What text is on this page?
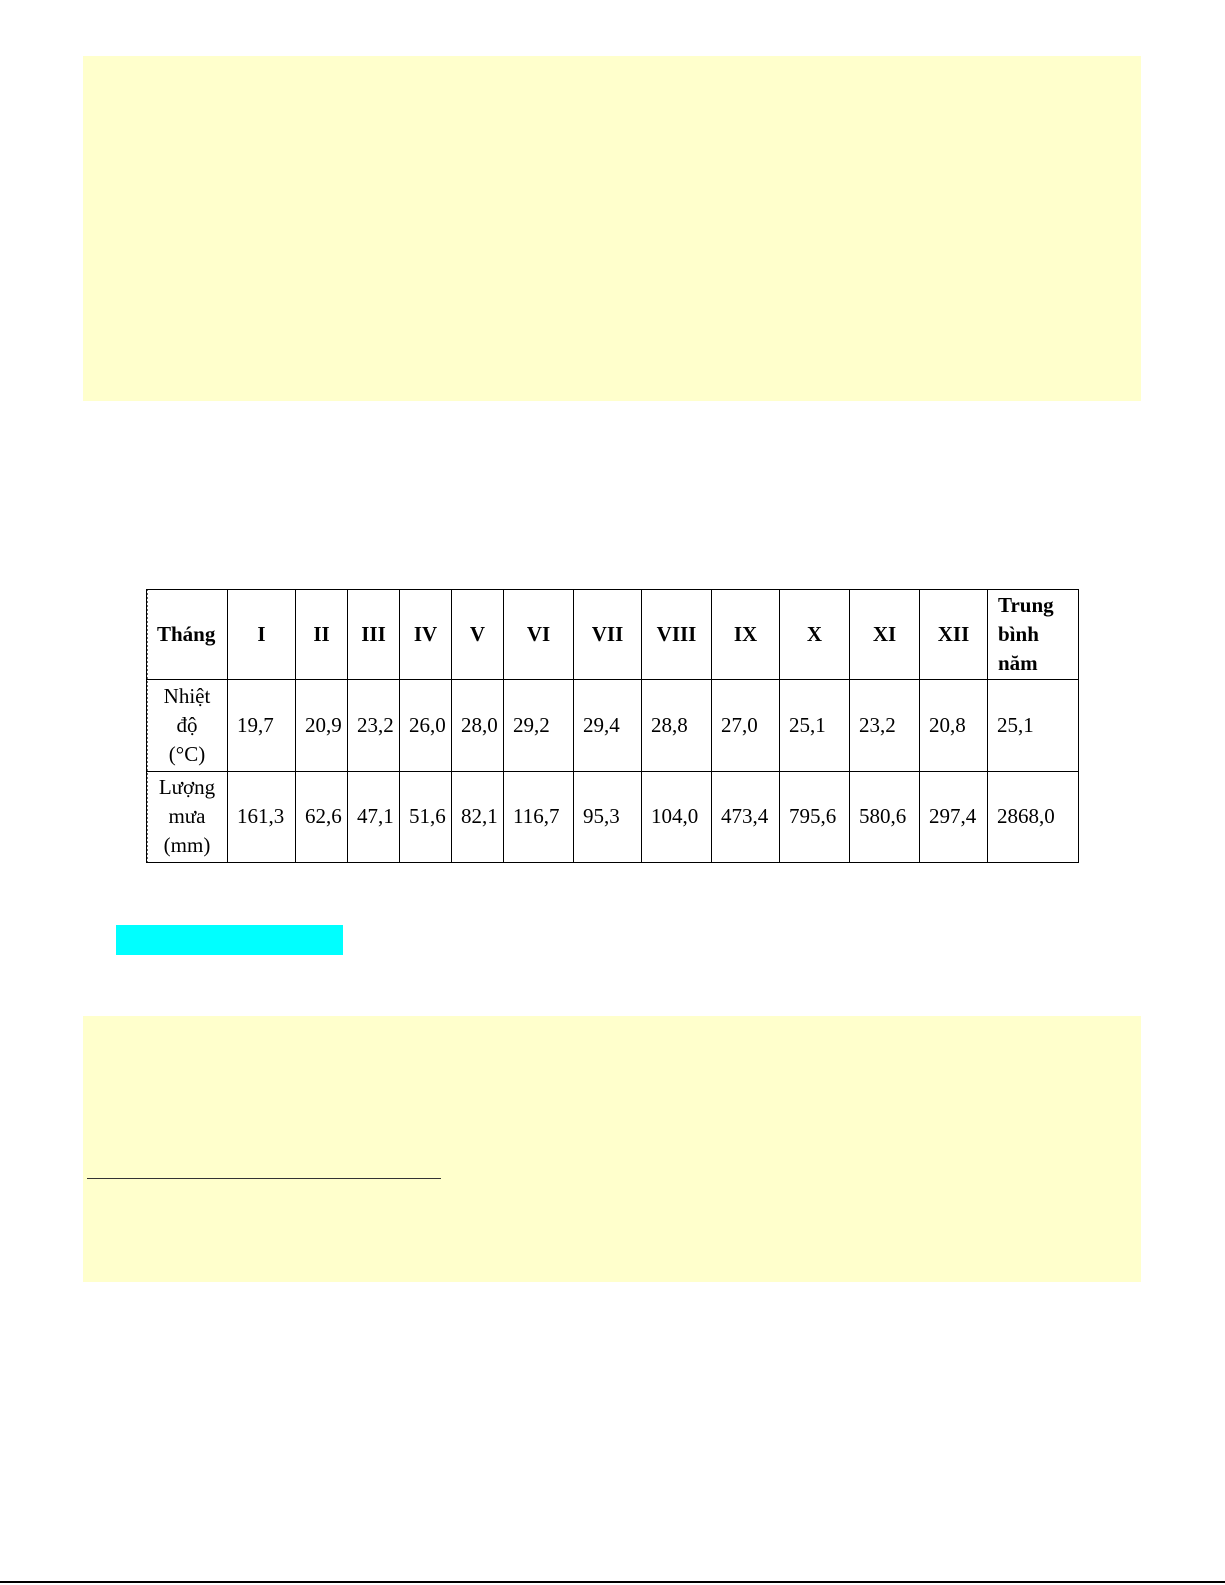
Tháng	I	II	III	IV	V	VI	VII	VIII	IX	X	XI	XII	Trung
bình
năm
Nhiệt
độ
(°C)	19,7	20,9	23,2	26,0	28,0	29,2	29,4	28,8	27,0	25,1	23,2	20,8	25,1
Lượng
mưa
(mm)	161,3	62,6	47,1	51,6	82,1	116,7	95,3	104,0	473,4	795,6	580,6	297,4	2868,0
